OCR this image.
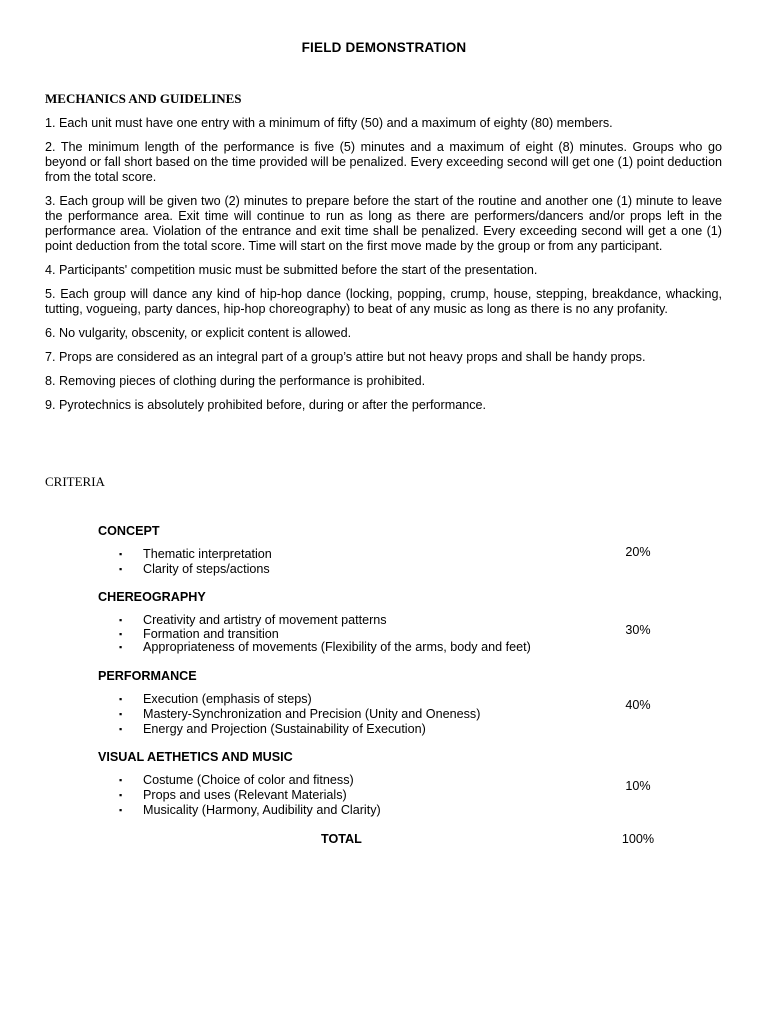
FIELD DEMONSTRATION
MECHANICS AND GUIDELINES

1. Each unit must have one entry with a minimum of fifty (50) and a maximum of eighty (80) members.

2. The minimum length of the performance is five (5) minutes and a maximum of eight (8) minutes. Groups who go beyond or fall short based on the time provided will be penalized. Every exceeding second will get one (1) point deduction from the total score.

3. Each group will be given two (2) minutes to prepare before the start of the routine and another one (1) minute to leave the performance area. Exit time will continue to run as long as there are performers/dancers and/or props left in the performance area. Violation of the entrance and exit time shall be penalized. Every exceeding second will get a one (1) point deduction from the total score. Time will start on the first move made by the group or from any participant.

4. Participants' competition music must be submitted before the start of the presentation.

5. Each group will dance any kind of hip-hop dance (locking, popping, crump, house, stepping, breakdance, whacking, tutting, vogueing, party dances, hip-hop choreography) to beat of any music as long as there is no any profanity.

6. No vulgarity, obscenity, or explicit content is allowed.

7. Props are considered as an integral part of a group’s attire but not heavy props and shall be handy props.

8. Removing pieces of clothing during the performance is prohibited.

9. Pyrotechnics is absolutely prohibited before, during or after the performance.

CRITERIA
CONCEPT
▪ Thematic interpretation
▪ Clarity of steps/actions
20%
CHEREOGRAPHY
▪ Creativity and artistry of movement patterns
▪ Formation and transition
▪ Appropriateness of movements (Flexibility of the arms, body and feet)
30%
PERFORMANCE
▪ Execution (emphasis of steps)
▪ Mastery-Synchronization and Precision (Unity and Oneness)
▪ Energy and Projection (Sustainability of Execution)
40%
VISUAL AETHETICS AND MUSIC
▪ Costume (Choice of color and fitness)
▪ Props and uses (Relevant Materials)
▪ Musicality (Harmony, Audibility and Clarity)
10%
TOTAL	100%
